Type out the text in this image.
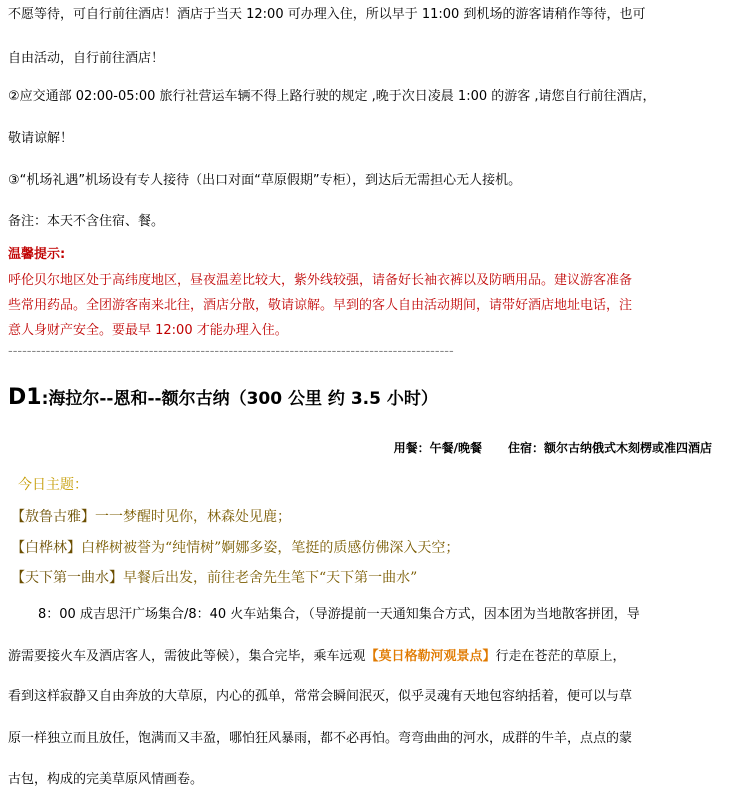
不愿等待，可自行前往酒店！酒店于当天 12:00 可办理入住，所以早于 11:00 到机场的游客请稍作等待，也可
自由活动，自行前往酒店！
②应交通部 02:00-05:00 旅行社营运车辆不得上路行驶的规定 ,晚于次日凌晨 1:00 的游客 ,请您自行前往酒店，
敬请谅解！
③“机场礼遇”机场设有专人接待（出口对面“草原假期”专柜），到达后无需担心无人接机。
备注：本天不含住宿、餐。
温馨提示:
呼伦贝尔地区处于高纬度地区，昼夜温差比较大，紫外线较强，请备好长袖衣裤以及防晒用品。建议游客准备
些常用药品。全团游客南来北往，酒店分散，敬请谅解。早到的客人自由活动期间，请带好酒店地址电话，注
意人身财产安全。要最早 12:00 才能办理入住。
-----------------------------------------------------------------------------------------------
D1:海拉尔--恩和--额尔古纳（300 公里 约 3.5 小时）
用餐：午餐/晚餐 住宿：额尔古纳俄式木刻楞或准四酒店
今日主题：
【敖鲁古雅】一一梦醒时见你，林森处见鹿；
【白桦林】白桦树被誉为“纯情树”婀娜多姿，笔挺的质感仿佛深入天空；
【天下第一曲水】早餐后出发，前往老舍先生笔下“天下第一曲水”
8：00 成吉思汗广场集合/8：40 火车站集合，（导游提前一天通知集合方式，因本团为当地散客拼团，导
游需要接火车及酒店客人，需彼此等候），集合完毕，乘车远观【莫日格勒河观景点】行走在苍茫的草原上，
看到这样寂静又自由奔放的大草原，内心的孤单，常常会瞬间泯灭，似乎灵魂有天地包容纳括着，便可以与草
原一样独立而且放任，饱满而又丰盈，哪怕狂风暴雨，都不必再怕。弯弯曲曲的河水，成群的牛羊，点点的蒙
古包，构成的完美草原风情画卷。
